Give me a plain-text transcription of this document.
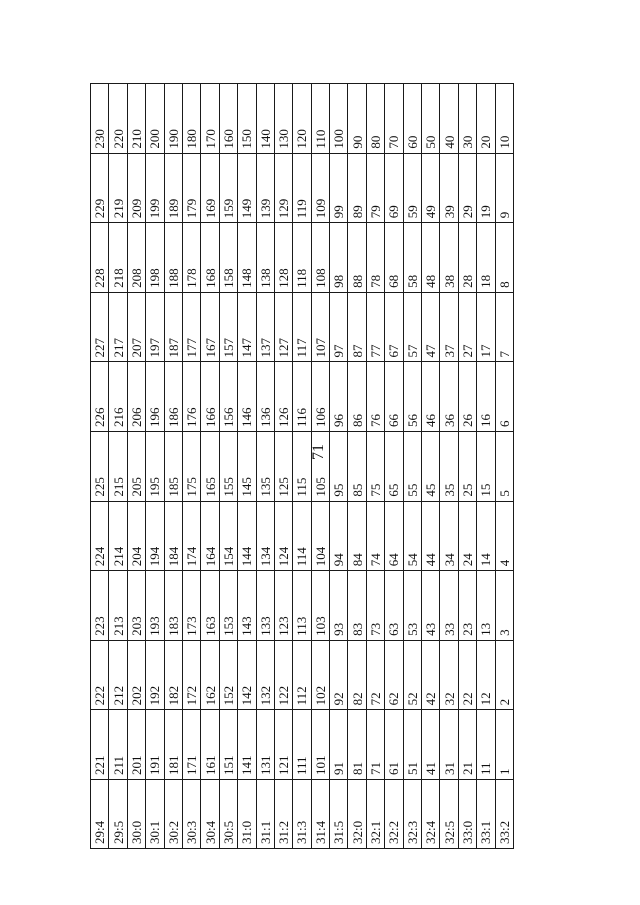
71
29:4	221	222	223	224	225	226	227	228	229	230
29:5	211	212	213	214	215	216	217	218	219	220
30:0	201	202	203	204	205	206	207	208	209	210
30:1	191	192	193	194	195	196	197	198	199	200
30:2	181	182	183	184	185	186	187	188	189	190
30:3	171	172	173	174	175	176	177	178	179	180
30:4	161	162	163	164	165	166	167	168	169	170
30:5	151	152	153	154	155	156	157	158	159	160
31:0	141	142	143	144	145	146	147	148	149	150
31:1	131	132	133	134	135	136	137	138	139	140
31:2	121	122	123	124	125	126	127	128	129	130
31:3	111	112	113	114	115	116	117	118	119	120
31:4	101	102	103	104	105	106	107	108	109	110
31:5	91	92	93	94	95	96	97	98	99	100
32:0	81	82	83	84	85	86	87	88	89	90
32:1	71	72	73	74	75	76	77	78	79	80
32:2	61	62	63	64	65	66	67	68	69	70
32:3	51	52	53	54	55	56	57	58	59	60
32:4	41	42	43	44	45	46	47	48	49	50
32:5	31	32	33	34	35	36	37	38	39	40
33:0	21	22	23	24	25	26	27	28	29	30
33:1	11	12	13	14	15	16	17	18	19	20
33:2	1	2	3	4	5	6	7	8	9	10
